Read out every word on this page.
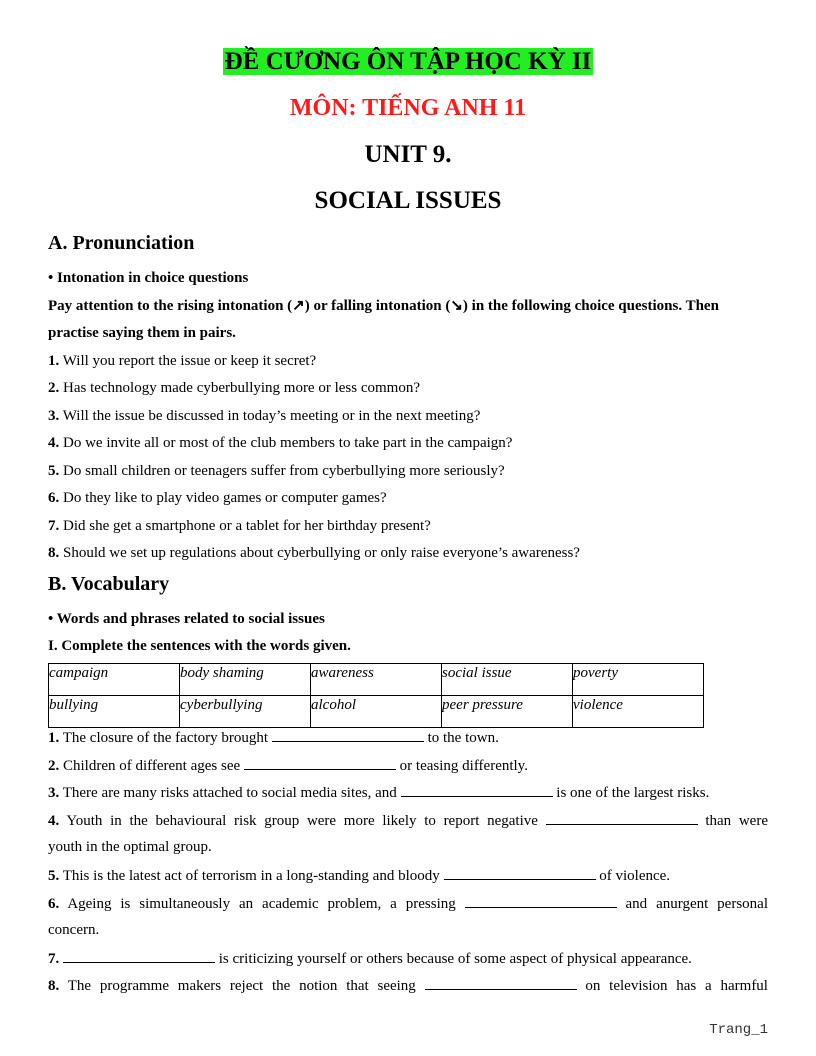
ĐỀ CƯƠNG ÔN TẬP HỌC KỲ II
MÔN: TIẾNG ANH 11
UNIT 9.
SOCIAL ISSUES
A. Pronunciation
• Intonation in choice questions
Pay attention to the rising intonation (↗) or falling intonation (↘) in the following choice questions. Then
practise saying them in pairs.
1. Will you report the issue or keep it secret?
2. Has technology made cyberbullying more or less common?
3. Will the issue be discussed in today’s meeting or in the next meeting?
4. Do we invite all or most of the club members to take part in the campaign?
5. Do small children or teenagers suffer from cyberbullying more seriously?
6. Do they like to play video games or computer games?
7. Did she get a smartphone or a tablet for her birthday present?
8. Should we set up regulations about cyberbullying or only raise everyone’s awareness?
B. Vocabulary
• Words and phrases related to social issues
I. Complete the sentences with the words given.
campaign	body shaming	awareness	social issue	poverty
bullying	cyberbullying	alcohol	peer pressure	violence
1. The closure of the factory brought	to the town.
2. Children of different ages see	or teasing differently.
3. There are many risks attached to social media sites, and	is one of the largest risks.
4. Youth in the behavioural risk group were more likely to report negative	than were
youth in the optimal group.
5. This is the latest act of terrorism in a long-standing and bloody	of violence.
6. Ageing is simultaneously an academic problem, a pressing	and anurgent personal
concern.
7.	is criticizing yourself or others because of some aspect of physical appearance.
8. The programme makers reject the notion that seeing	on television has a harmful
Trang_1
